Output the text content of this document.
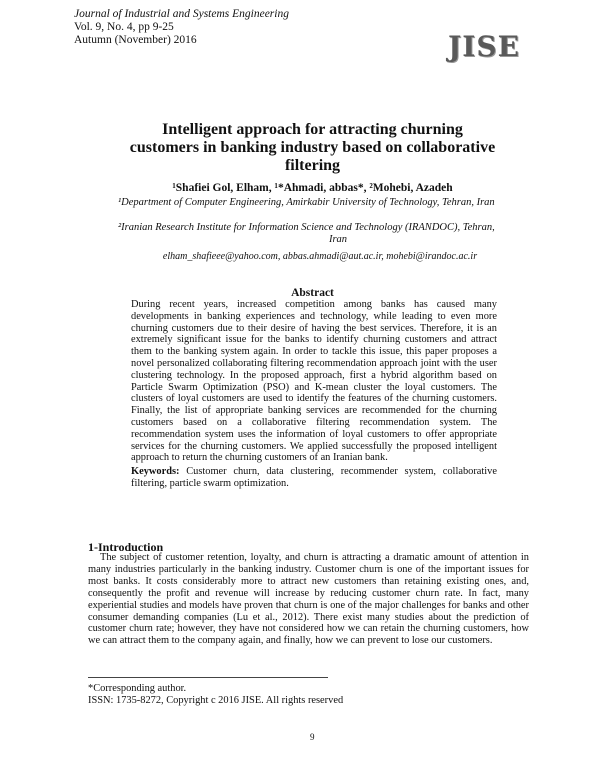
Journal of Industrial and Systems Engineering
Vol. 9, No. 4, pp 9-25
Autumn (November) 2016	JISE
Intelligent approach for attracting churning
customers in banking industry based on collaborative
filtering
¹Shafiei Gol, Elham, ¹*Ahmadi, abbas*, ²Mohebi, Azadeh
¹Department of Computer Engineering, Amirkabir University of Technology, Tehran, Iran
²Iranian Research Institute for Information Science and Technology (IRANDOC), Tehran,
Iran
elham_shafieee@yahoo.com, abbas.ahmadi@aut.ac.ir, mohebi@irandoc.ac.ir
Abstract

During recent years, increased competition among banks has caused many developments in banking experiences and technology, while leading to even more churning customers due to their desire of having the best services. Therefore, it is an extremely significant issue for the banks to identify churning customers and attract them to the banking system again. In order to tackle this issue, this paper proposes a novel personalized collaborating filtering recommendation approach joint with the user clustering technology. In the proposed approach, first a hybrid algorithm based on Particle Swarm Optimization (PSO) and K-mean cluster the loyal customers. The clusters of loyal customers are used to identify the features of the churning customers. Finally, the list of appropriate banking services are recommended for the churning customers based on a collaborative filtering recommendation system. The recommendation system uses the information of loyal customers to offer appropriate services for the churning customers. We applied successfully the proposed intelligent approach to return the churning customers of an Iranian bank.

Keywords: Customer churn, data clustering, recommender system, collaborative filtering, particle swarm optimization.

1-Introduction

The subject of customer retention, loyalty, and churn is attracting a dramatic amount of attention in many industries particularly in the banking industry. Customer churn is one of the important issues for most banks. It costs considerably more to attract new customers than retaining existing ones, and, consequently the profit and revenue will increase by reducing customer churn rate. In fact, many experiential studies and models have proven that churn is one of the major challenges for banks and other consumer demanding companies (Lu et al., 2012). There exist many studies about the prediction of customer churn rate; however, they have not considered how we can retain the churning customers, how we can attract them to the company again, and finally, how we can prevent to lose our customers.

*Corresponding author.
ISSN: 1735-8272, Copyright c 2016 JISE. All rights reserved
9
